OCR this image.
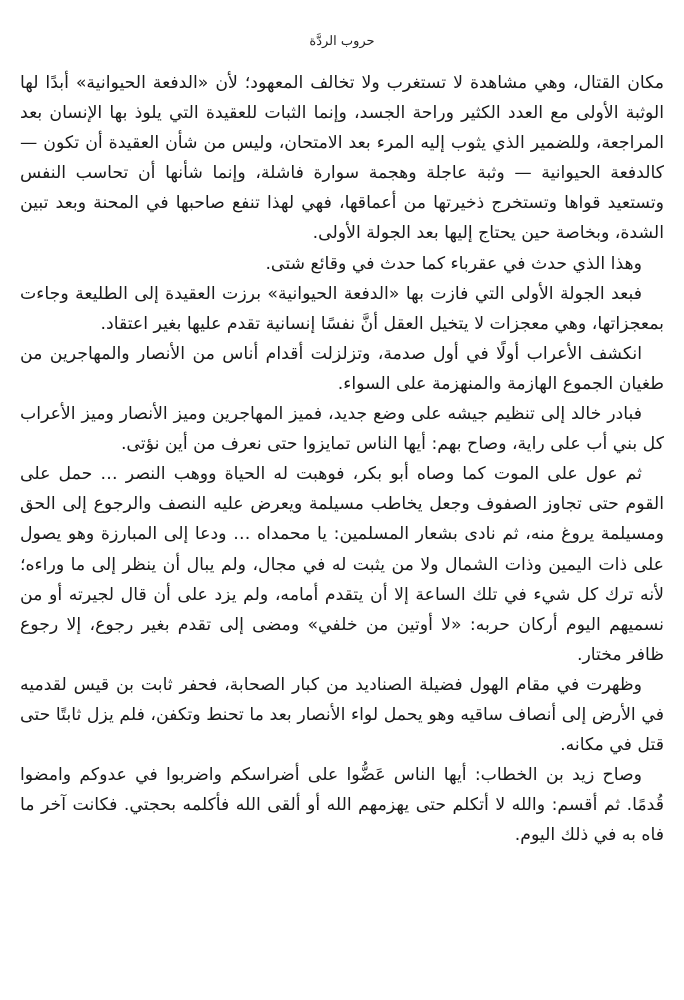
حروب الردَّة

مكان القتال، وهي مشاهدة لا تستغرب ولا تخالف المعهود؛ لأن «الدفعة الحيوانية» أبدًا لها الوثبة الأولى مع العدد الكثير وراحة الجسد، وإنما الثبات للعقيدة التي يلوذ بها الإنسان بعد المراجعة، وللضمير الذي يثوب إليه المرء بعد الامتحان، وليس من شأن العقيدة أن تكون — كالدفعة الحيوانية — وثبة عاجلة وهجمة سوارة فاشلة، وإنما شأنها أن تحاسب النفس وتستعيد قواها وتستخرج ذخيرتها من أعماقها، فهي لهذا تنفع صاحبها في المحنة وبعد تبين الشدة، وبخاصة حين يحتاج إليها بعد الجولة الأولى.

وهذا الذي حدث في عقرباء كما حدث في وقائع شتى.

فبعد الجولة الأولى التي فازت بها «الدفعة الحيوانية» برزت العقيدة إلى الطليعة وجاءت بمعجزاتها، وهي معجزات لا يتخيل العقل أنَّ نفسًا إنسانية تقدم عليها بغير اعتقاد.

انكشف الأعراب أولًا في أول صدمة، وتزلزلت أقدام أناس من الأنصار والمهاجرين من طغيان الجموع الهازمة والمنهزمة على السواء.

فبادر خالد إلى تنظيم جيشه على وضع جديد، فميز المهاجرين وميز الأنصار وميز الأعراب كل بني أب على راية، وصاح بهم: أيها الناس تمايزوا حتى نعرف من أين نؤتى.

ثم عول على الموت كما وصاه أبو بكر، فوهبت له الحياة ووهب النصر … حمل على القوم حتى تجاوز الصفوف وجعل يخاطب مسيلمة ويعرض عليه النصف والرجوع إلى الحق ومسيلمة يروغ منه، ثم نادى بشعار المسلمين: يا محمداه … ودعا إلى المبارزة وهو يصول على ذات اليمين وذات الشمال ولا من يثبت له في مجال، ولم يبال أن ينظر إلى ما وراءه؛ لأنه ترك كل شيء في تلك الساعة إلا أن يتقدم أمامه، ولم يزد على أن قال لجيرته أو من نسميهم اليوم أركان حربه: «لا أوتين من خلفي» ومضى إلى تقدم بغير رجوع، إلا رجوع ظافر مختار.

وظهرت في مقام الهول فضيلة الصناديد من كبار الصحابة، فحفر ثابت بن قيس لقدميه في الأرض إلى أنصاف ساقيه وهو يحمل لواء الأنصار بعد ما تحنط وتكفن، فلم يزل ثابتًا حتى قتل في مكانه.

وصاح زيد بن الخطاب: أيها الناس عَضُّوا على أضراسكم واضربوا في عدوكم وامضوا قُدمًا. ثم أقسم: والله لا أتكلم حتى يهزمهم الله أو ألقى الله فأكلمه بحجتي. فكانت آخر ما فاه به في ذلك اليوم.
